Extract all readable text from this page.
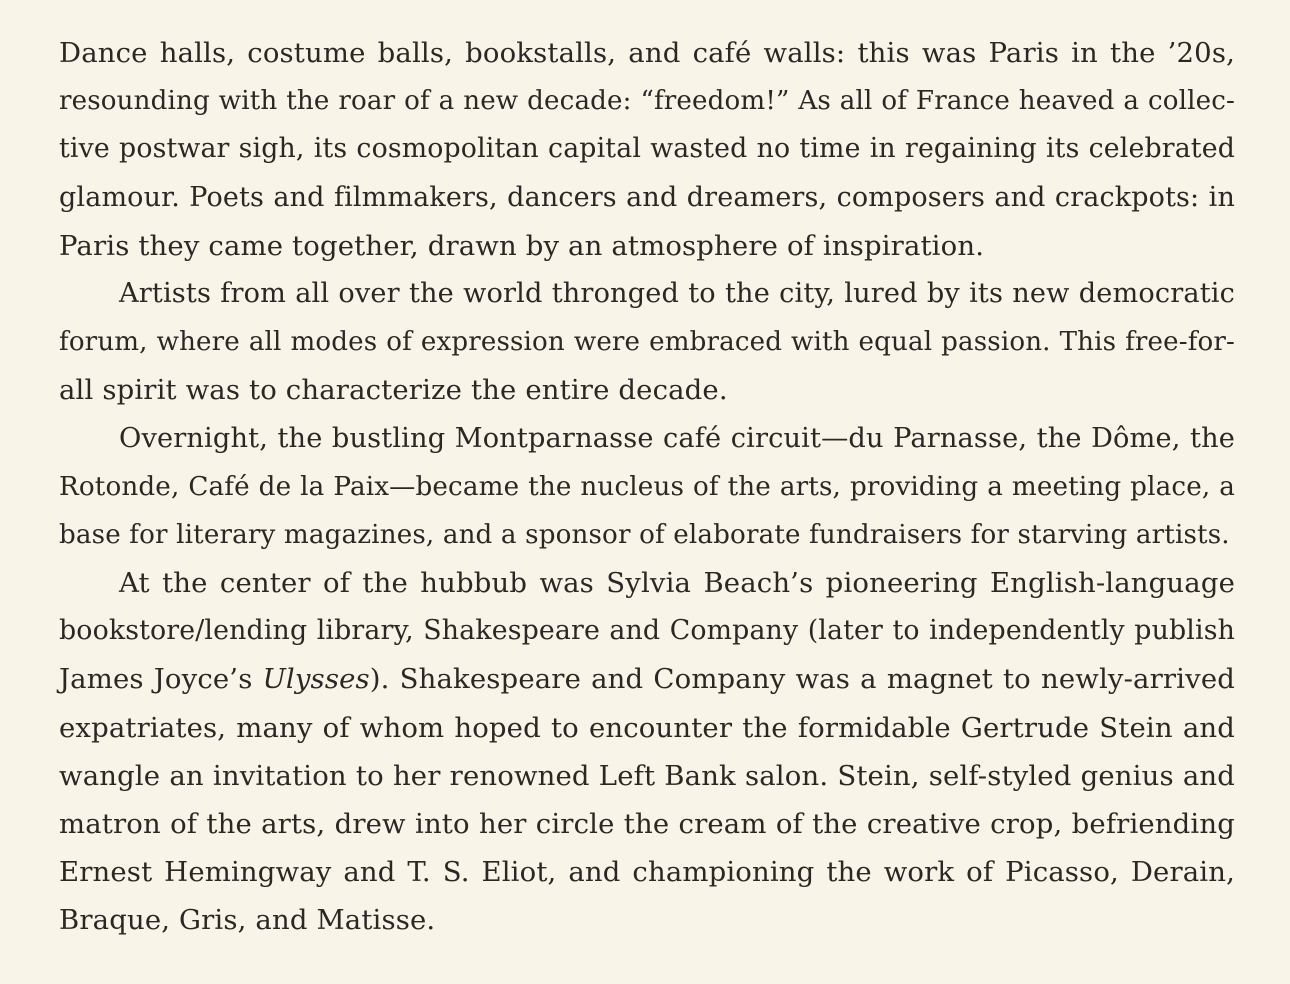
Dance halls, costume balls, bookstalls, and café walls: this was Paris in the ’20s,
resounding with the roar of a new decade: “freedom!” As all of France heaved a collec-
tive postwar sigh, its cosmopolitan capital wasted no time in regaining its celebrated
glamour. Poets and filmmakers, dancers and dreamers, composers and crackpots: in
Paris they came together, drawn by an atmosphere of inspiration.
Artists from all over the world thronged to the city, lured by its new democratic
forum, where all modes of expression were embraced with equal passion. This free-for-
all spirit was to characterize the entire decade.
Overnight, the bustling Montparnasse café circuit—du Parnasse, the Dôme, the
Rotonde, Café de la Paix—became the nucleus of the arts, providing a meeting place, a
base for literary magazines, and a sponsor of elaborate fundraisers for starving artists.
At the center of the hubbub was Sylvia Beach’s pioneering English-language
bookstore/lending library, Shakespeare and Company (later to independently publish
James Joyce’s Ulysses). Shakespeare and Company was a magnet to newly-arrived
expatriates, many of whom hoped to encounter the formidable Gertrude Stein and
wangle an invitation to her renowned Left Bank salon. Stein, self-styled genius and
matron of the arts, drew into her circle the cream of the creative crop, befriending
Ernest Hemingway and T. S. Eliot, and championing the work of Picasso, Derain,
Braque, Gris, and Matisse.
